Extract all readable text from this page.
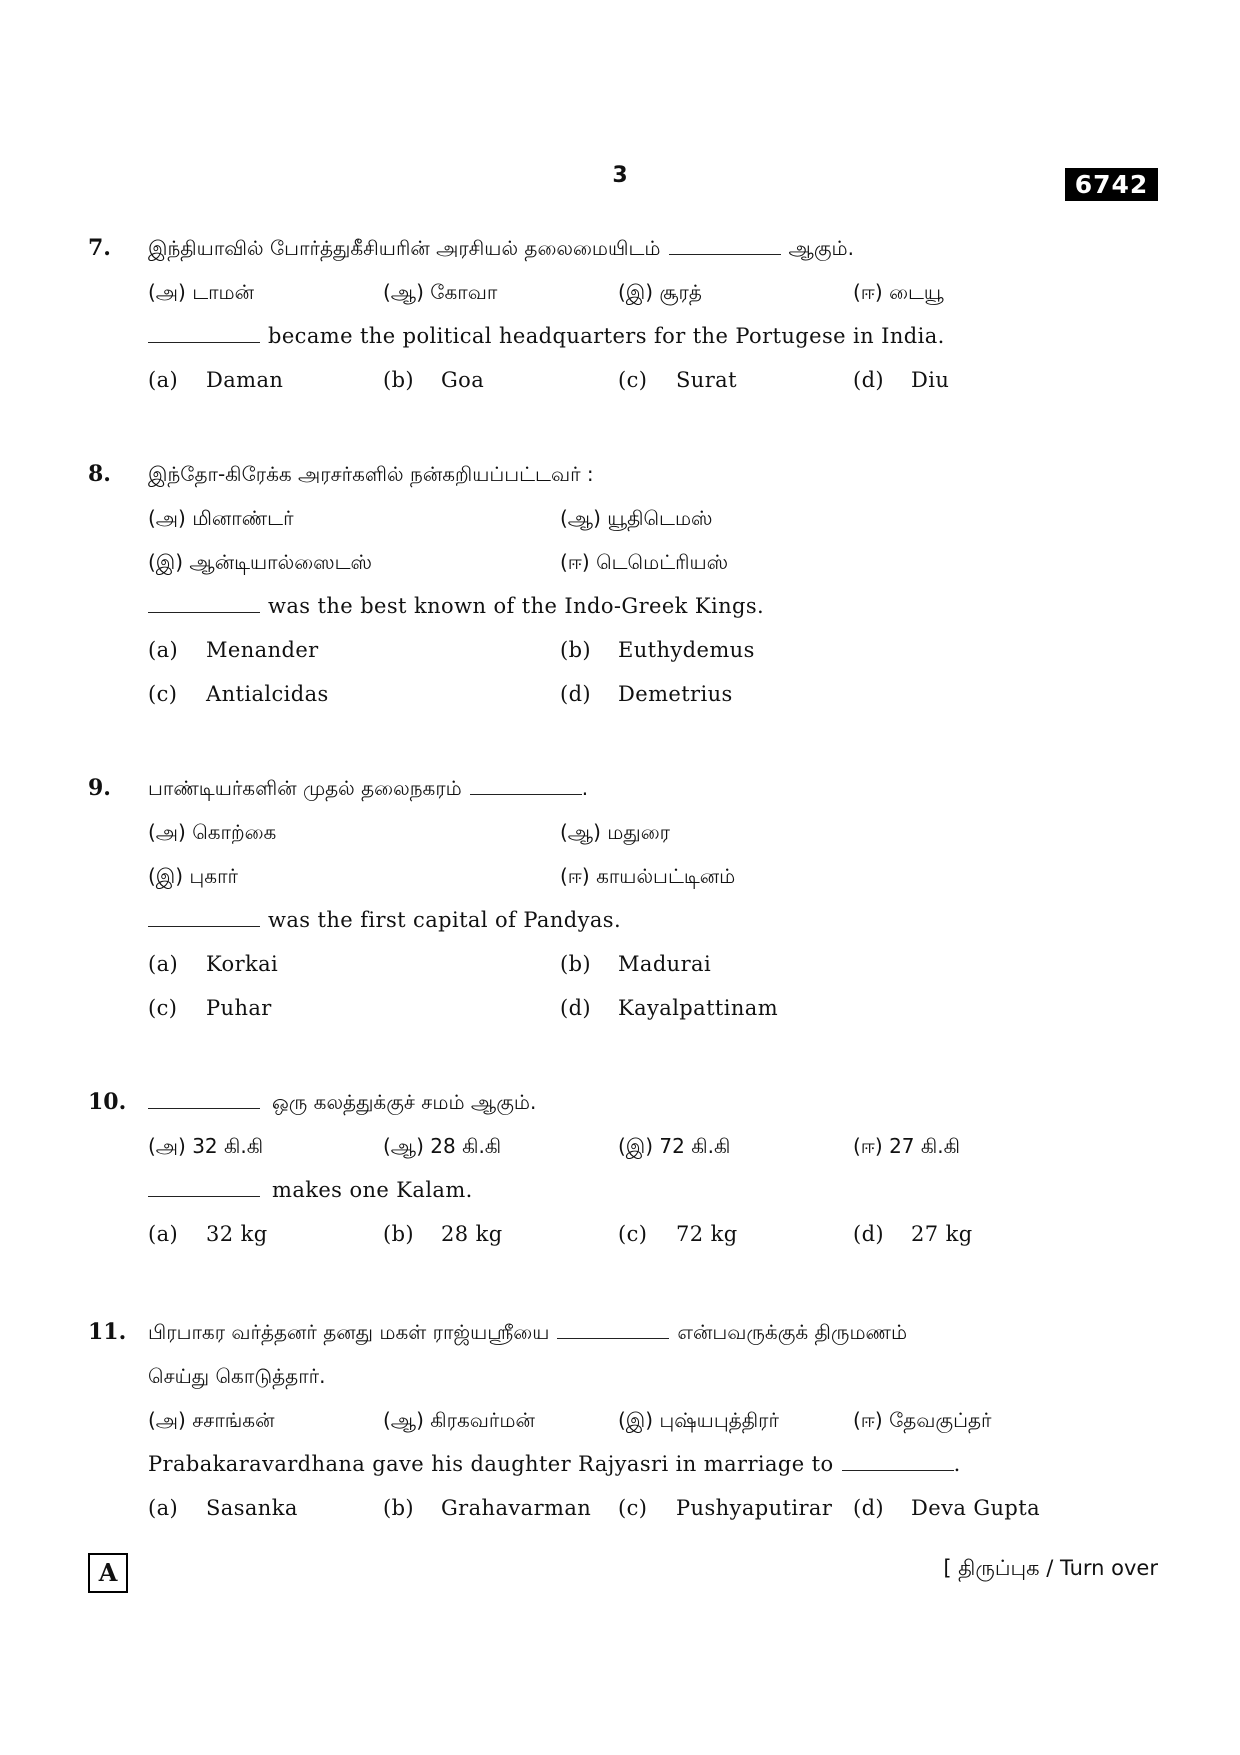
3	6742
7. இந்தியாவில் போர்த்துகீசியரின் அரசியல் தலைமையிடம்	ஆகும்.
(அ) டாமன்	(ஆ) கோவா	(இ) சூரத்	(ஈ) டையூ
became the political headquarters for the Portugese in India.
(a) Daman	(b) Goa	(c) Surat	(d) Diu
8. இந்தோ-கிரேக்க அரசர்களில் நன்கறியப்பட்டவர் :
(அ) மினாண்டர்	(ஆ) யூதிடெமஸ்
(இ) ஆன்டியால்ஸைடஸ்	(ஈ) டெமெட்ரியஸ்
was the best known of the Indo-Greek Kings.
(a) Menander	(b) Euthydemus
(c) Antialcidas	(d) Demetrius
9. பாண்டியர்களின் முதல் தலைநகரம்	.
(அ) கொற்கை	(ஆ) மதுரை
(இ) புகார்	(ஈ) காயல்பட்டினம்
was the first capital of Pandyas.
(a) Korkai	(b) Madurai
(c) Puhar	(d) Kayalpattinam
10.	ஒரு கலத்துக்குச் சமம் ஆகும்.
(அ) 32 கி.கி	(ஆ) 28 கி.கி	(இ) 72 கி.கி	(ஈ) 27 கி.கி
makes one Kalam.
(a) 32 kg	(b) 28 kg	(c) 72 kg	(d) 27 kg
11. பிரபாகர வர்த்தனர் தனது மகள் ராஜ்யஸ்ரீயை	என்பவருக்குக் திருமணம்
செய்து கொடுத்தார்.
(அ) சசாங்கன்	(ஆ) கிரகவர்மன்	(இ) புஷ்யபுத்திரர்	(ஈ) தேவகுப்தர்
Prabakaravardhana gave his daughter Rajyasri in marriage to	.
(a) Sasanka	(b) Grahavarman (c) Pushyaputirar (d) Deva Gupta
A	[ திருப்புக / Turn over
